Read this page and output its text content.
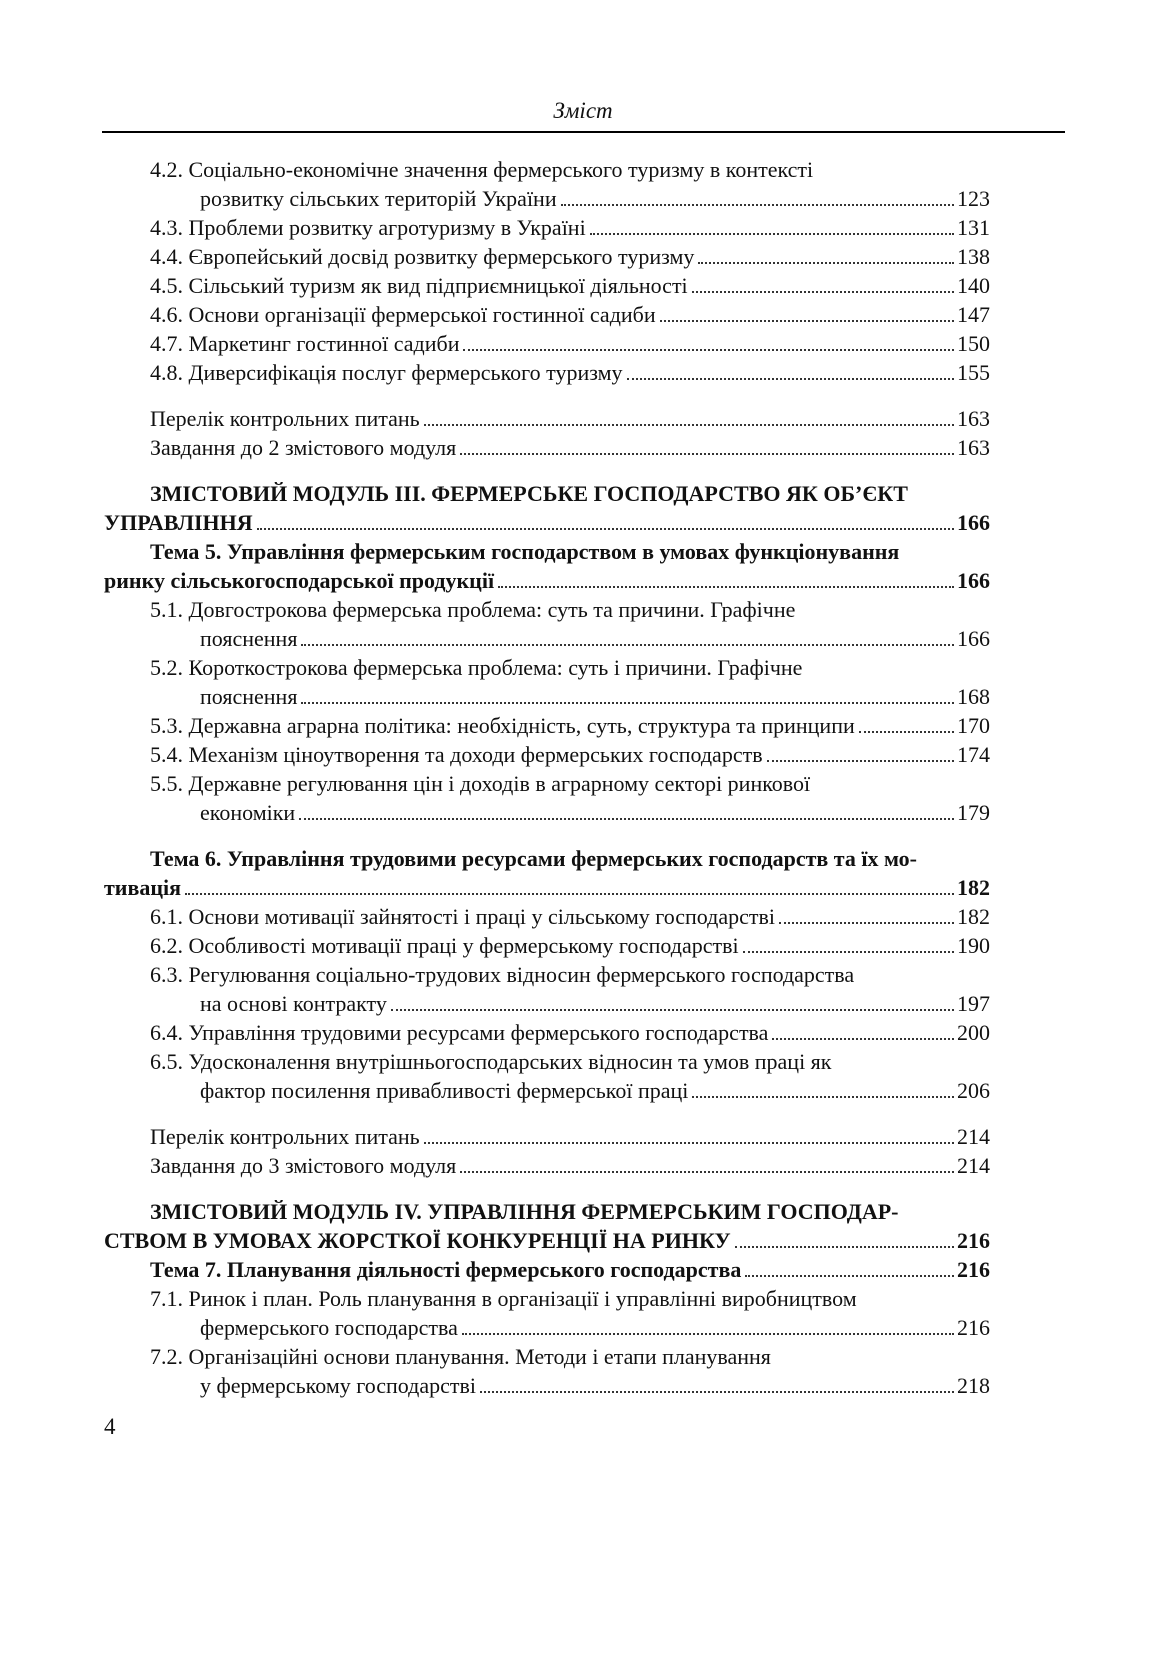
Зміст
4.2. Соціально-економічне значення фермерського туризму в контексті
розвитку сільських територій України	123
4.3. Проблеми розвитку агротуризму в Україні	131
4.4. Європейський досвід розвитку фермерського туризму	138
4.5. Сільський туризм як вид підприємницької діяльності	140
4.6. Основи організації фермерської гостинної садиби	147
4.7. Маркетинг гостинної садиби	150
4.8. Диверсифікація послуг фермерського туризму	155
Перелік контрольних питань	163
Завдання до 2 змістового модуля	163
ЗМІСТОВИЙ МОДУЛЬ ІІІ. ФЕРМЕРСЬКЕ ГОСПОДАРСТВО ЯК ОБ’ЄКТ
УПРАВЛІННЯ	166
Тема 5. Управління фермерським господарством в умовах функціонування
ринку сільськогосподарської продукції	166
5.1. Довгострокова фермерська проблема: суть та причини. Графічне
пояснення	166
5.2. Короткострокова фермерська проблема: суть і причини. Графічне
пояснення	168
5.3. Державна аграрна політика: необхідність, суть, структура та принципи	170
5.4. Механізм ціноутворення та доходи фермерських господарств	174
5.5. Державне регулювання цін і доходів в аграрному секторі ринкової
економіки	179
Тема 6. Управління трудовими ресурсами фермерських господарств та їх мо-
тивація	182
6.1. Основи мотивації зайнятості і праці у сільському господарстві	182
6.2. Особливості мотивації праці у фермерському господарстві	190
6.3. Регулювання соціально-трудових відносин фермерського господарства
на основі контракту	197
6.4. Управління трудовими ресурсами фермерського господарства	200
6.5. Удосконалення внутрішньогосподарських відносин та умов праці як
фактор посилення привабливості фермерської праці	206
Перелік контрольних питань	214
Завдання до 3 змістового модуля	214
ЗМІСТОВИЙ МОДУЛЬ IV. УПРАВЛІННЯ ФЕРМЕРСЬКИМ ГОСПОДАР-
СТВОМ В УМОВАХ ЖОРСТКОЇ КОНКУРЕНЦІЇ НА РИНКУ	216
Тема 7. Планування діяльності фермерського господарства	216
7.1. Ринок і план. Роль планування в організації і управлінні виробництвом
фермерського господарства	216
7.2. Організаційні основи планування. Методи і етапи планування
у фермерському господарстві	218
4
